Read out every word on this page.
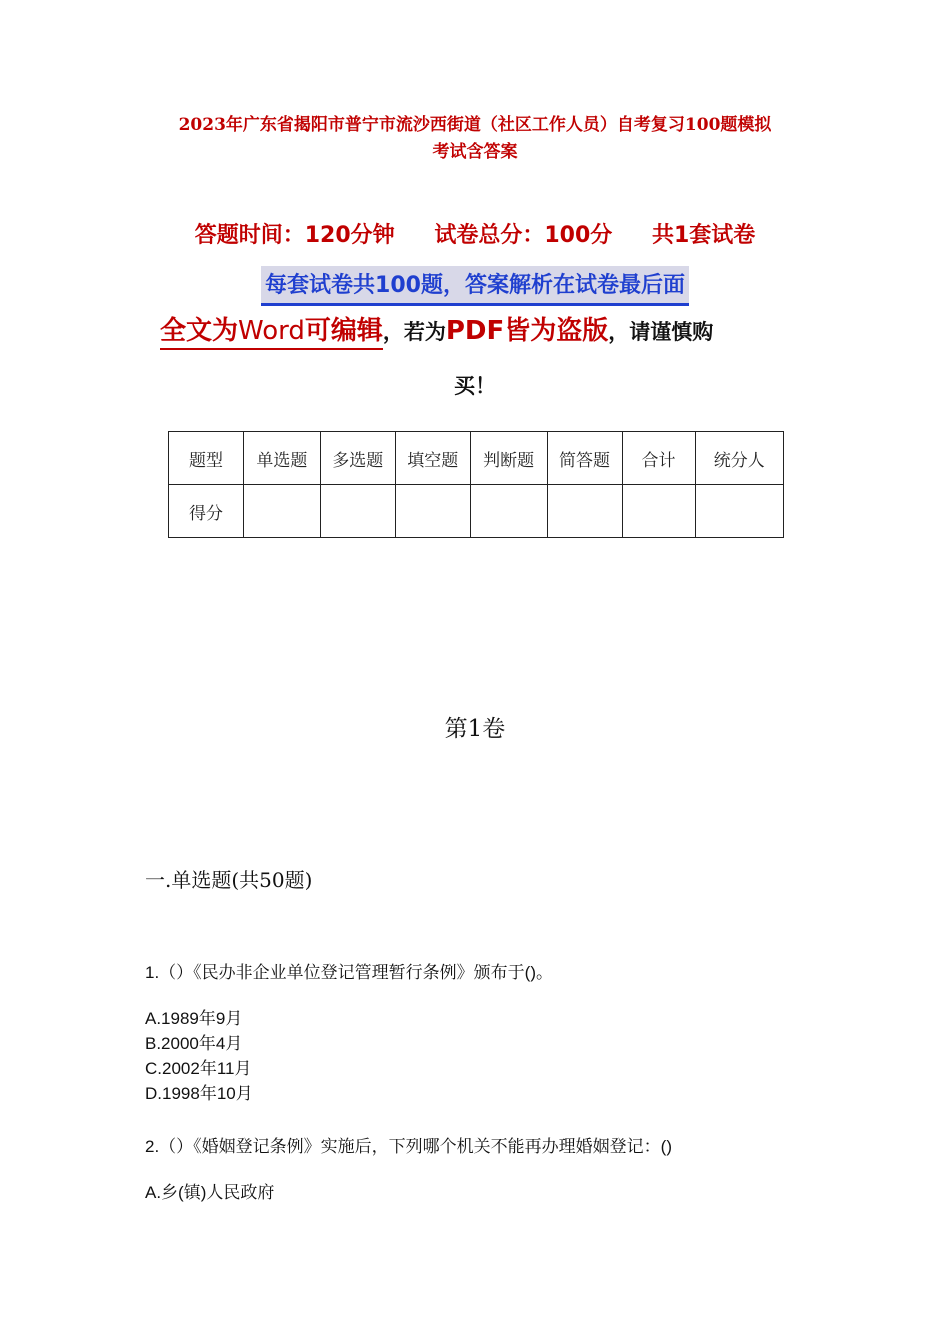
2023年广东省揭阳市普宁市流沙西街道（社区工作人员）自考复习100题模拟
考试含答案
答题时间：120分钟 试卷总分：100分 共1套试卷
每套试卷共100题，答案解析在试卷最后面
全文为Word可编辑，若为PDF皆为盗版，请谨慎购
买！
题型	单选题	多选题	填空题	判断题	简答题	合计	统分人
得分							
第1卷
一.单选题(共50题)
1.（）《民办非企业单位登记管理暂行条例》颁布于()。
A.1989年9月
B.2000年4月
C.2002年11月
D.1998年10月
2.（）《婚姻登记条例》实施后，下列哪个机关不能再办理婚姻登记：()
A.乡(镇)人民政府
